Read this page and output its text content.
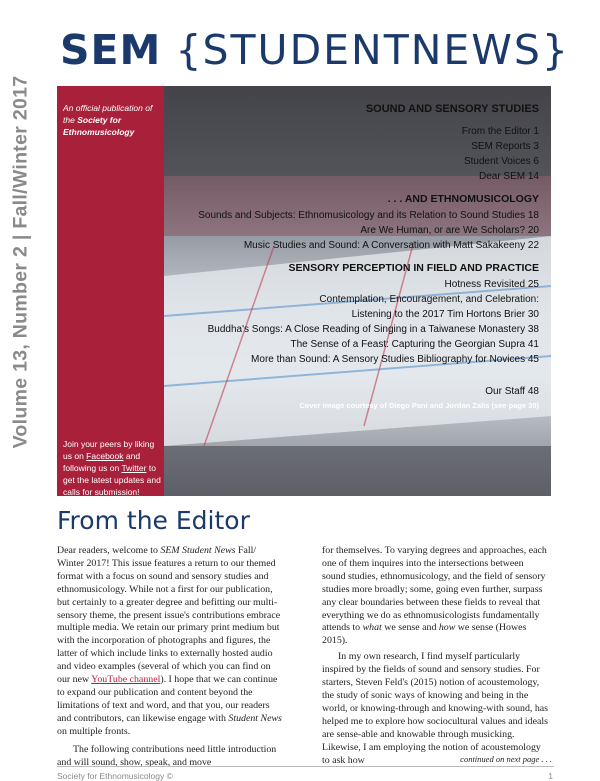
SEM {STUDENTNEWS}
Volume 13, Number 2 | Fall/Winter 2017	An official publication of the Society for Ethnomusicology
Join your peers by liking us on Facebook and following us on Twitter to get the latest updates and calls for submission!
SOUND AND SENSORY STUDIES
From the Editor 1
SEM Reports 3
Student Voices 6
Dear SEM 14
. . . AND ETHNOMUSICOLOGY
Sounds and Subjects: Ethnomusicology and its Relation to Sound Studies 18
Are We Human, or are We Scholars? 20
Music Studies and Sound: A Conversation with Matt Sakakeeny 22
SENSORY PERCEPTION IN FIELD AND PRACTICE
Hotness Revisited 25
Contemplation, Encouragement, and Celebration:
Listening to the 2017 Tim Hortons Brier 30
Buddha's Songs: A Close Reading of Singing in a Taiwanese Monastery 38
The Sense of a Feast: Capturing the Georgian Supra 41
More than Sound: A Sensory Studies Bibliography for Novices 45
Our Staff 48
Cover image courtesy of Diego Pani and Jordan Zalis (see page 30)
From the Editor

Dear readers, welcome to SEM Student News Fall/ Winter 2017! This issue features a return to our themed format with a focus on sound and sensory studies and ethnomusicology. While not a first for our publication, but certainly to a greater degree and befitting our multi-sensory theme, the present issue's contributions embrace multiple media. We retain our primary print medium but with the incorporation of photographs and figures, the latter of which include links to externally hosted audio and video examples (several of which you can find on our new YouTube channel). I hope that we can continue to expand our publication and content beyond the limitations of text and word, and that you, our readers and contributors, can likewise engage with Student News on multiple fronts.

The following contributions need little introduction and will sound, show, speak, and move

for themselves. To varying degrees and approaches, each one of them inquires into the intersections between sound studies, ethnomusicology, and the field of sensory studies more broadly; some, going even further, surpass any clear boundaries between these fields to reveal that everything we do as ethnomusicologists fundamentally attends to what we sense and how we sense (Howes 2015).

In my own research, I find myself particularly inspired by the fields of sound and sensory studies. For starters, Steven Feld's (2015) notion of acoustemology, the study of sonic ways of knowing and being in the world, or knowing-through and knowing-with sound, has helped me to explore how sociocultural values and ideals are sense-able and knowable through musicking. Likewise, I am employing the notion of acoustemology to ask how	continued on next page . . .
Society for Ethnomusicology ©	1
